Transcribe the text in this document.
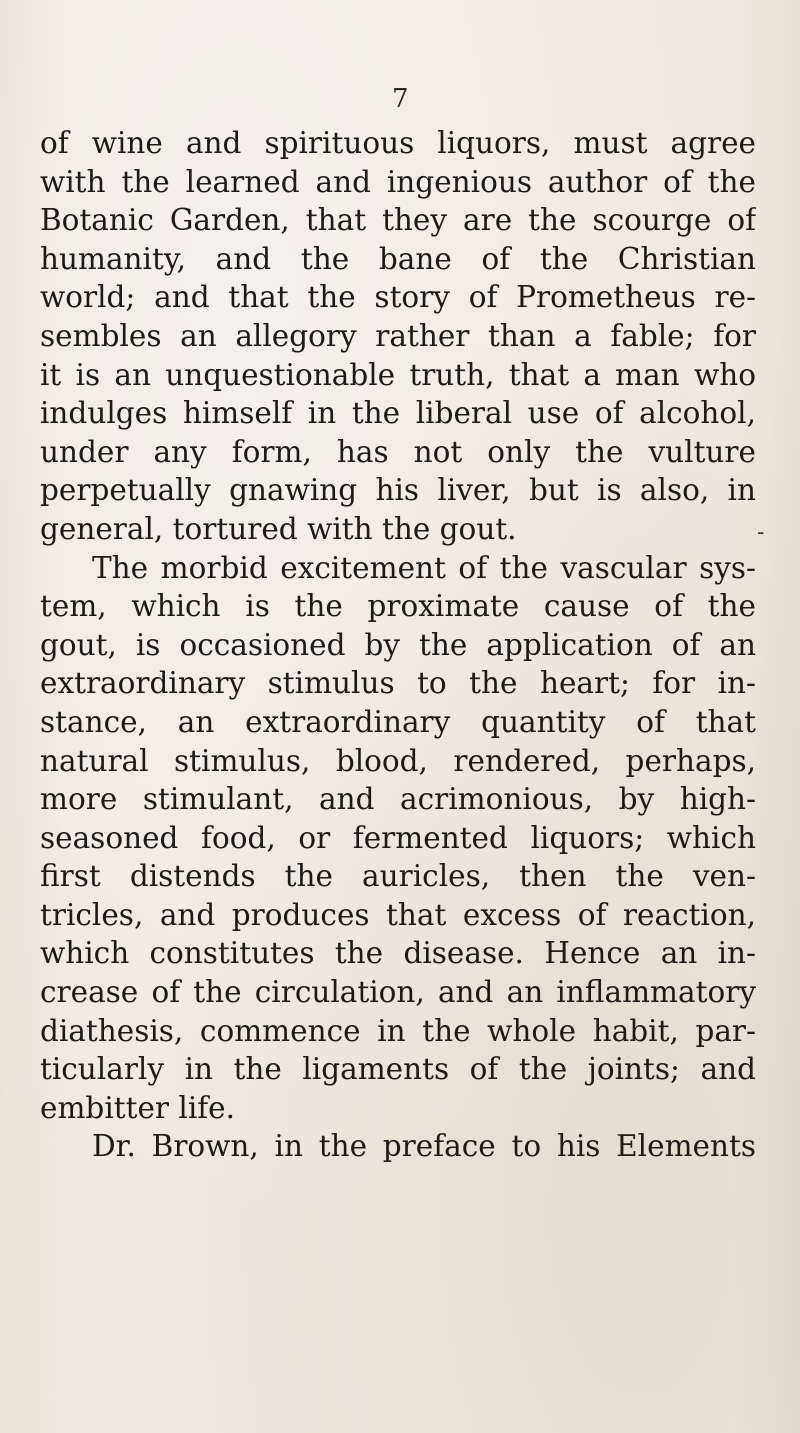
7
-
of wine and spirituous liquors, must agree
with the learned and ingenious author of the
Botanic Garden, that they are the scourge of
humanity, and the bane of the Christian
world; and that the story of Prometheus re-
sembles an allegory rather than a fable; for
it is an unquestionable truth, that a man who
indulges himself in the liberal use of alcohol,
under any form, has not only the vulture
perpetually gnawing his liver, but is also, in
general, tortured with the gout.
The morbid excitement of the vascular sys-
tem, which is the proximate cause of the
gout, is occasioned by the application of an
extraordinary stimulus to the heart; for in-
stance, an extraordinary quantity of that
natural stimulus, blood, rendered, perhaps,
more stimulant, and acrimonious, by high-
seasoned food, or fermented liquors; which
first distends the auricles, then the ven-
tricles, and produces that excess of reaction,
which constitutes the disease. Hence an in-
crease of the circulation, and an inflammatory
diathesis, commence in the whole habit, par-
ticularly in the ligaments of the joints; and
embitter life.
Dr. Brown, in the preface to his Elements
